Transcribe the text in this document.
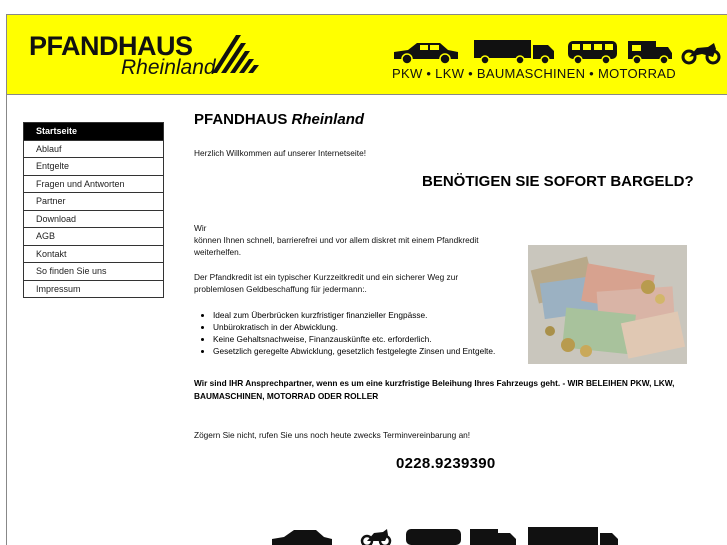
PFANDHAUS
Rheinland	PKW • LKW • BAUMASCHINEN • MOTORRAD
Startseite
Ablauf
Entgelte
Fragen und Antworten
Partner
Download
AGB
Kontakt
So finden Sie uns
Impressum
PFANDHAUS Rheinland
Herzlich Willkommen auf unserer Internetseite!
BENÖTIGEN SIE SOFORT BARGELD?
Wir
können Ihnen schnell, barrierefrei und vor allem diskret mit einem Pfandkredit
weiterhelfen.
Der Pfandkredit ist ein typischer Kurzzeitkredit und ein sicherer Weg zur
problemlosen Geldbeschaffung für jedermann:.
• Ideal zum Überbrücken kurzfristiger finanzieller Engpässe.
• Unbürokratisch in der Abwicklung.
• Keine Gehaltsnachweise, Finanzauskünfte etc. erforderlich.
• Gesetzlich geregelte Abwicklung, gesetzlich festgelegte Zinsen und Entgelte.
Wir sind IHR Ansprechpartner, wenn es um eine kurzfristige Beleihung Ihres Fahrzeugs geht. - WIR BELEIHEN PKW, LKW, BAUMASCHINEN, MOTORRAD ODER ROLLER
Zögern Sie nicht, rufen Sie uns noch heute zwecks Terminvereinbarung an!
0228.9239390
